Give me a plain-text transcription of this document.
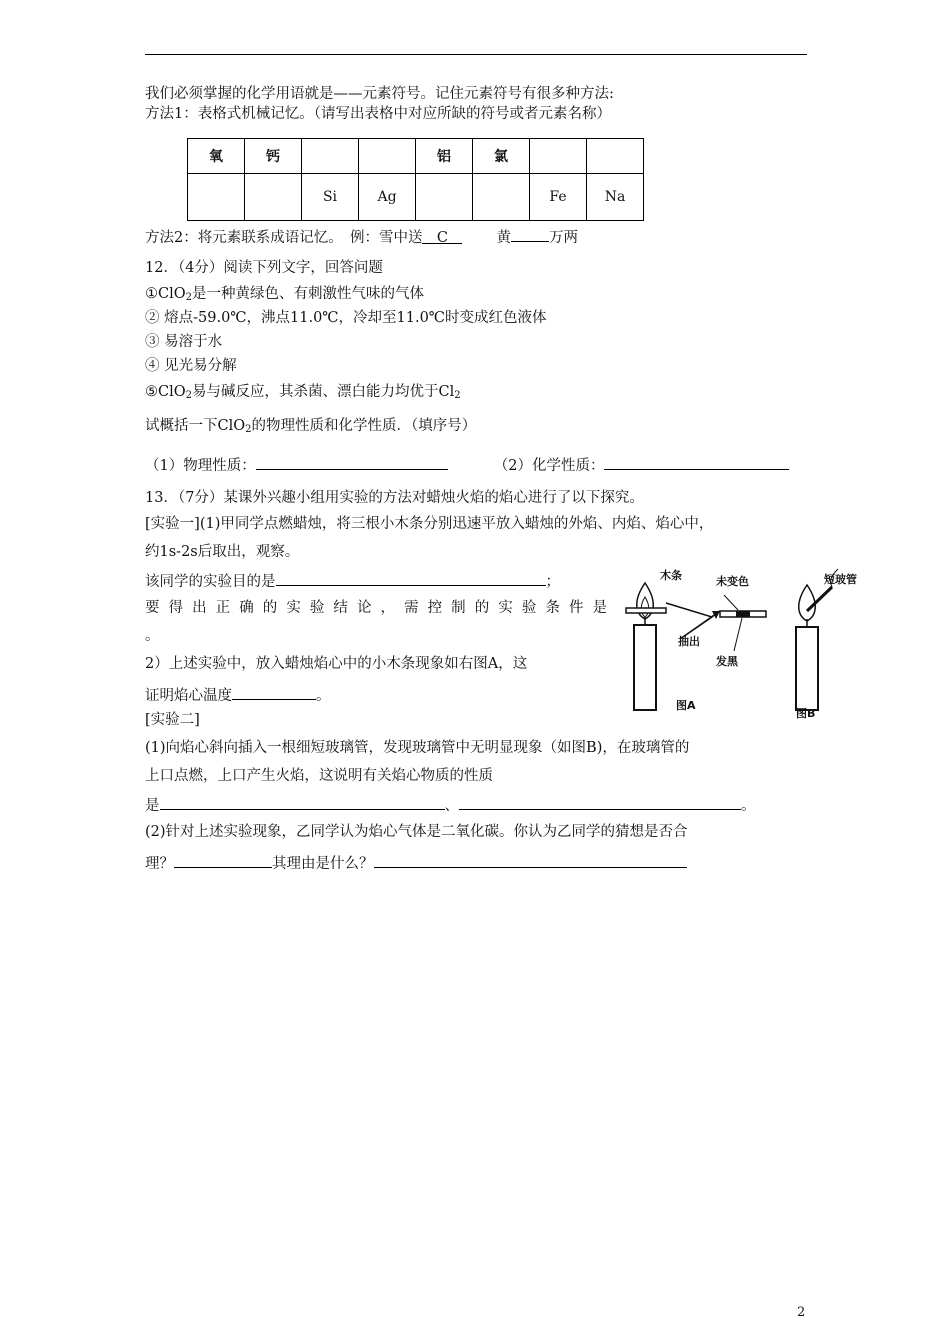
我们必须掌握的化学用语就是——元素符号。记住元素符号有很多种方法:
方法1：表格式机械记忆。（请写出表格中对应所缺的符号或者元素名称）
氧	钙			铝	氯		
		Si	Ag			Fe	Na
方法2：将元素联系成语记忆。　例：雪中送 C	黄	万两
12．（4分）阅读下列文字，回答问题
①ClO$_2$是一种黄绿色、有刺激性气味的气体
② 熔点-59.0℃，沸点11.0℃，冷却至11.0℃时变成红色液体
③ 易溶于水
④ 见光易分解
⑤ClO$_2$易与碱反应，其杀菌、漂白能力均优于$Cl_2$
试概括一下ClO$_2$的物理性质和化学性质．（填序号）
（1）物理性质：	（2）化学性质：
13．（7分）某课外兴趣小组用实验的方法对蜡烛火焰的焰心进行了以下探究。
[实验一](1)甲同学点燃蜡烛，将三根小木条分别迅速平放入蜡烛的外焰、内焰、焰心中，
约1s-2s后取出，观察。
该同学的实验目的是	；
要 得 出 正 确 的 实 验 结 论 ， 需 控 制 的 实 验 条 件 是
。
2）上述实验中，放入蜡烛焰心中的小木条现象如右图A，这
证明焰心温度	。
[实验二]
(1)向焰心斜向插入一根细短玻璃管，发现玻璃管中无明显现象（如图B)，在玻璃管的
上口点燃，上口产生火焰，这说明有关焰心物质的性质
是	、	。
(2)针对上述实验现象，乙同学认为焰心气体是二氧化碳。你认为乙同学的猜想是否合
理？	其理由是什么？
木条	未变色
抽出
发黑
短玻管
图A
图B
2
